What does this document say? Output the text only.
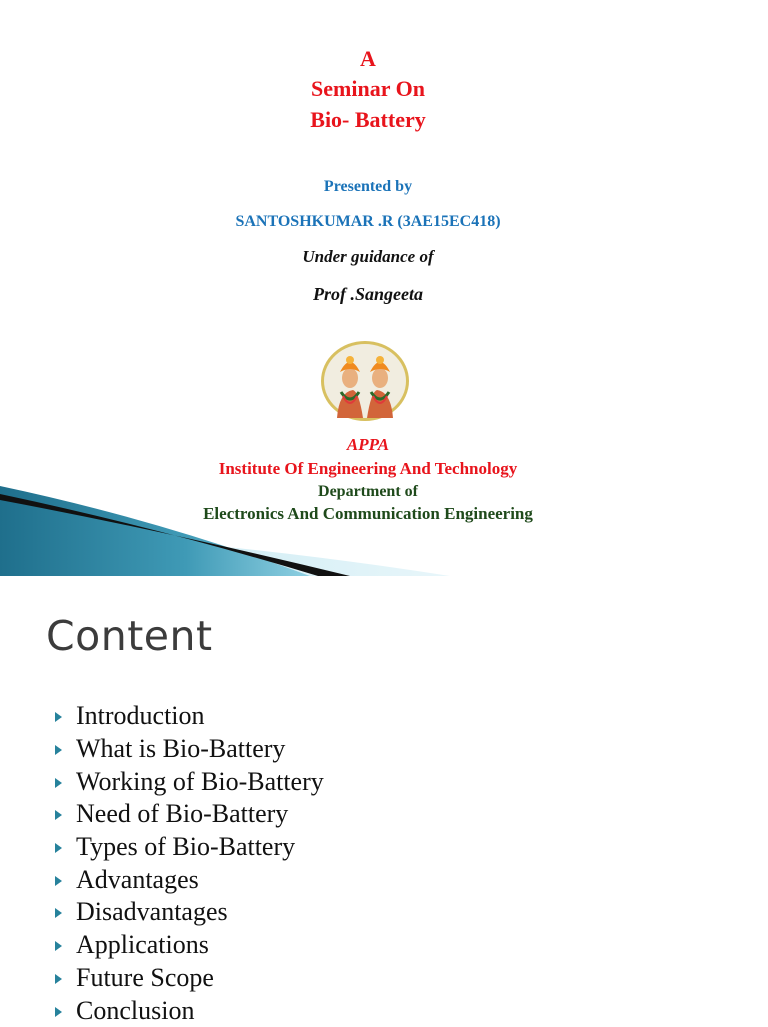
A
Seminar On
Bio- Battery
Presented by
SANTOSHKUMAR .R (3AE15EC418)
Under guidance of
Prof .Sangeeta
APPA
Institute Of Engineering And Technology
Department of
Electronics And Communication Engineering
Content
Introduction
What is Bio-Battery
Working of Bio-Battery
Need of Bio-Battery
Types of Bio-Battery
Advantages
Disadvantages
Applications
Future Scope
Conclusion
